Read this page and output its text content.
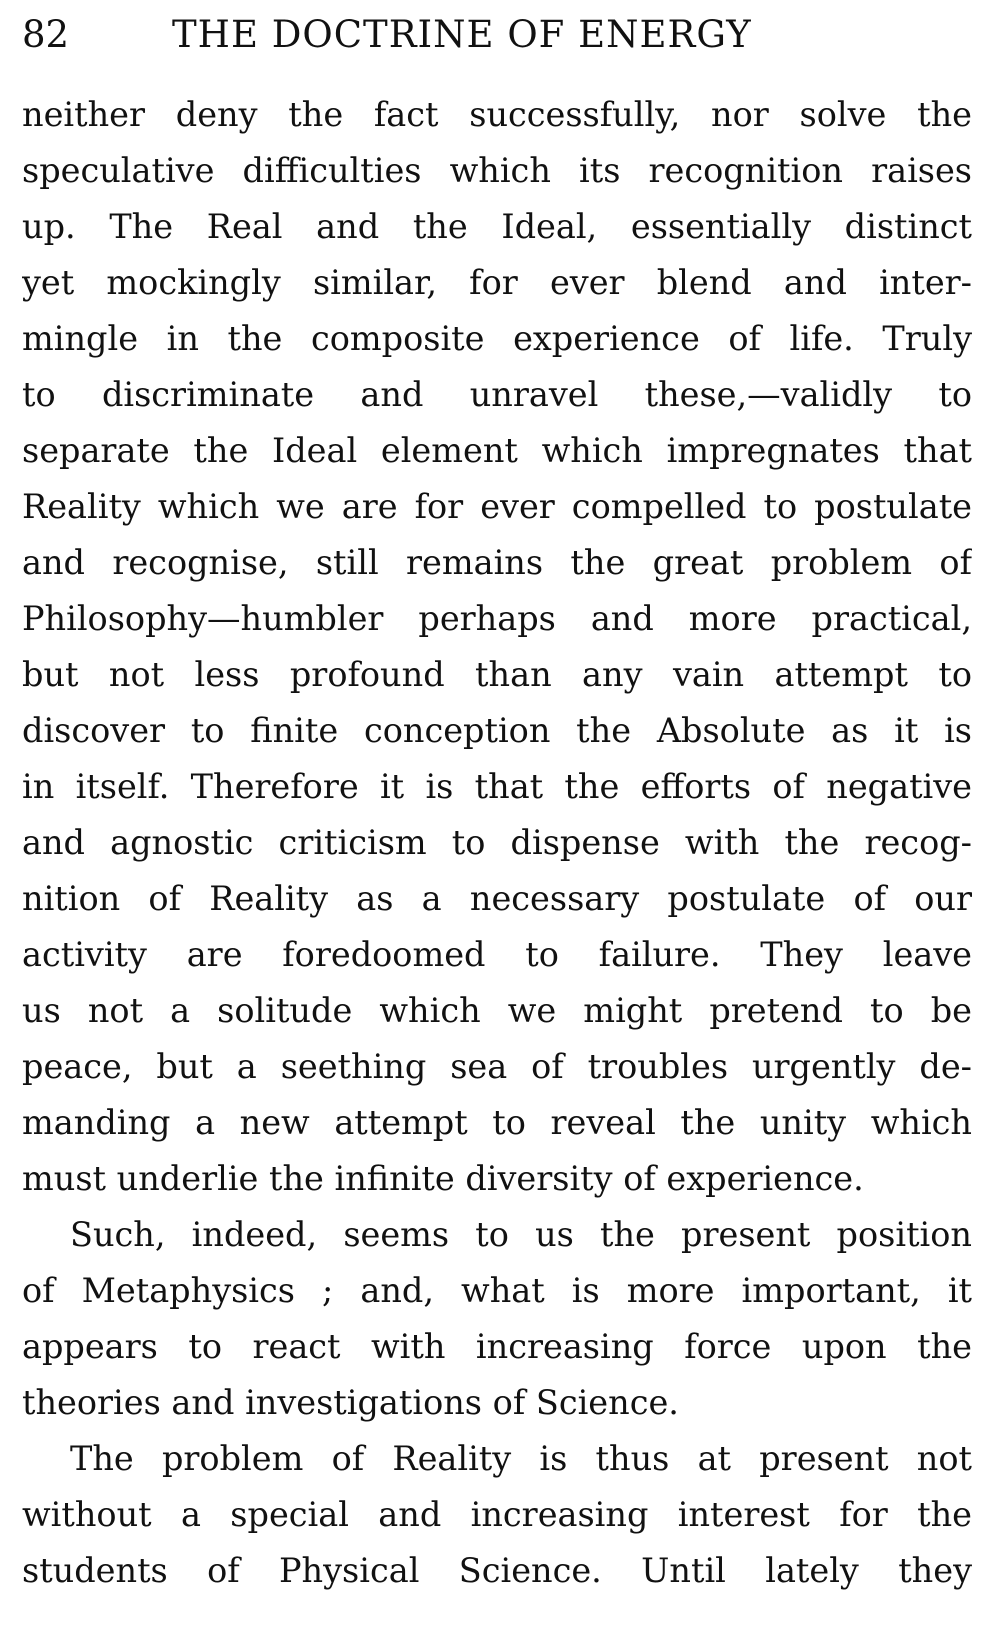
82	THE DOCTRINE OF ENERGY
neither deny the fact successfully, nor solve the
speculative difficulties which its recognition raises
up. The Real and the Ideal, essentially distinct
yet mockingly similar, for ever blend and inter-
mingle in the composite experience of life. Truly
to discriminate and unravel these,—validly to
separate the Ideal element which impregnates that
Reality which we are for ever compelled to postulate
and recognise, still remains the great problem of
Philosophy—humbler perhaps and more practical,
but not less profound than any vain attempt to
discover to finite conception the Absolute as it is
in itself. Therefore it is that the efforts of negative
and agnostic criticism to dispense with the recog-
nition of Reality as a necessary postulate of our
activity are foredoomed to failure. They leave
us not a solitude which we might pretend to be
peace, but a seething sea of troubles urgently de-
manding a new attempt to reveal the unity which
must underlie the infinite diversity of experience.
Such, indeed, seems to us the present position
of Metaphysics ; and, what is more important, it
appears to react with increasing force upon the
theories and investigations of Science.
The problem of Reality is thus at present not
without a special and increasing interest for the
students of Physical Science. Until lately they
